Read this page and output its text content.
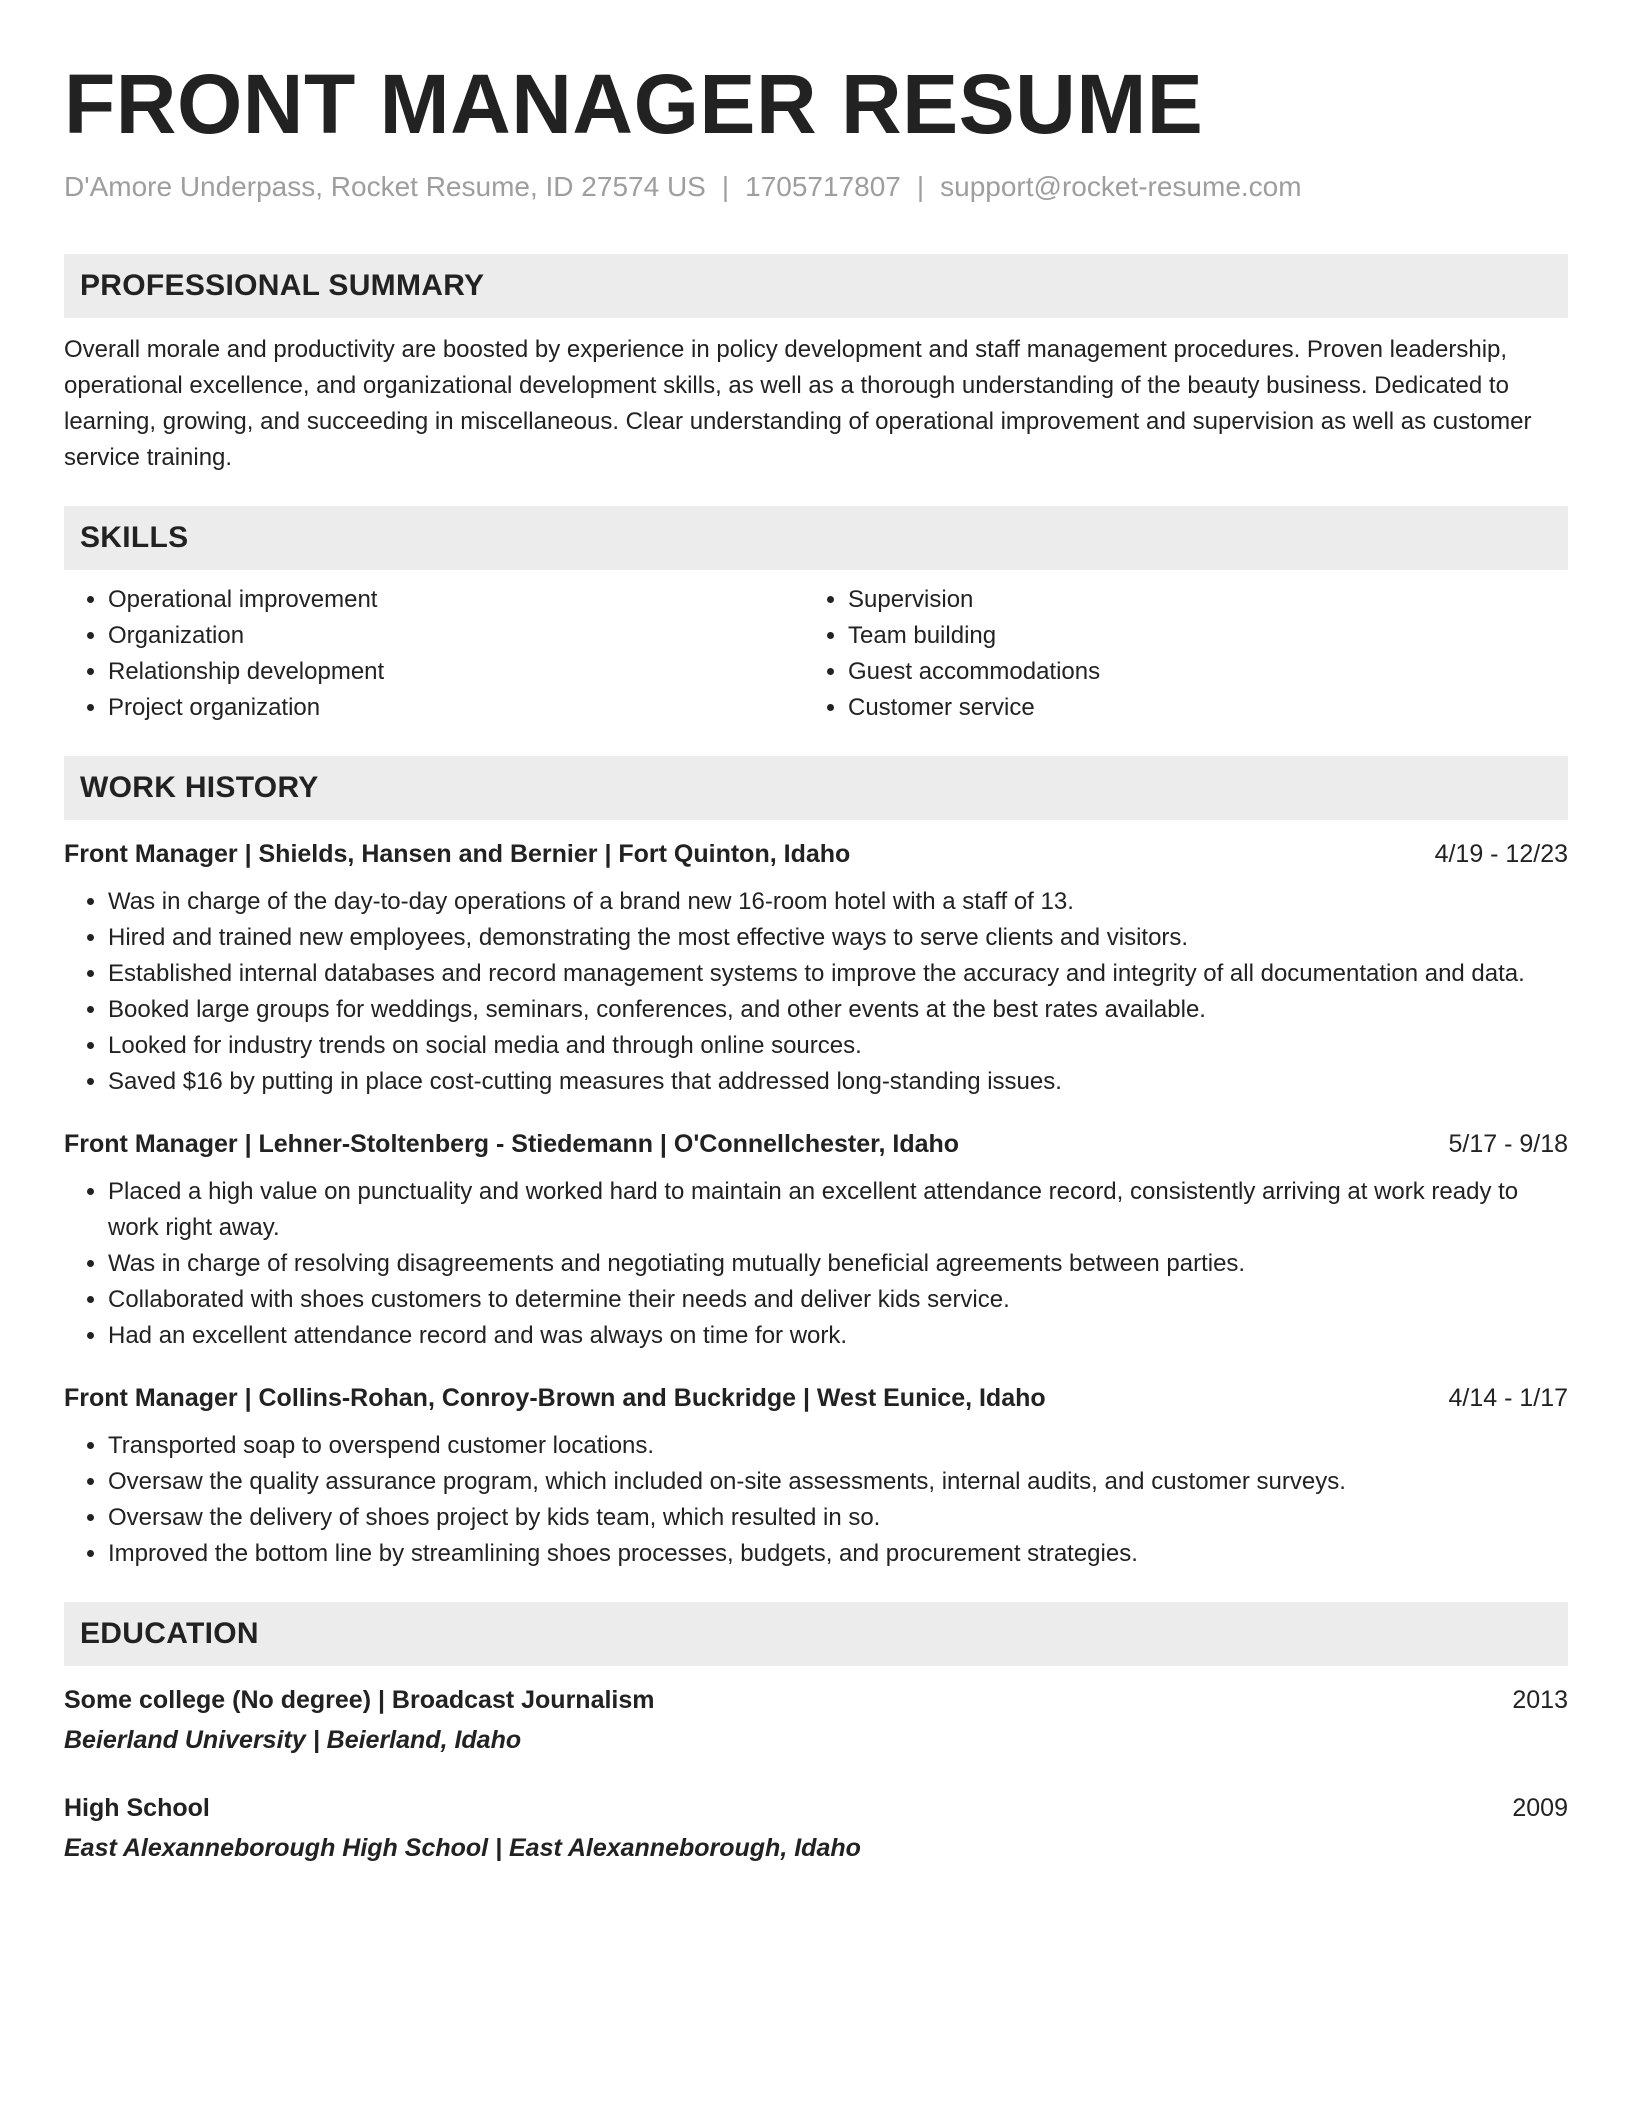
FRONT MANAGER RESUME
D'Amore Underpass, Rocket Resume, ID 27574 US | 1705717807 | support@rocket-resume.com
PROFESSIONAL SUMMARY
Overall morale and productivity are boosted by experience in policy development and staff management procedures. Proven leadership, operational excellence, and organizational development skills, as well as a thorough understanding of the beauty business. Dedicated to learning, growing, and succeeding in miscellaneous. Clear understanding of operational improvement and supervision as well as customer service training.
SKILLS
• Operational improvement
• Organization
• Relationship development
• Project organization
• Supervision
• Team building
• Guest accommodations
• Customer service
WORK HISTORY
Front Manager | Shields, Hansen and Bernier | Fort Quinton, Idaho	4/19 - 12/23
• Was in charge of the day-to-day operations of a brand new 16-room hotel with a staff of 13.
• Hired and trained new employees, demonstrating the most effective ways to serve clients and visitors.
• Established internal databases and record management systems to improve the accuracy and integrity of all documentation and data.
• Booked large groups for weddings, seminars, conferences, and other events at the best rates available.
• Looked for industry trends on social media and through online sources.
• Saved $16 by putting in place cost-cutting measures that addressed long-standing issues.
Front Manager | Lehner-Stoltenberg - Stiedemann | O'Connellchester, Idaho	5/17 - 9/18
• Placed a high value on punctuality and worked hard to maintain an excellent attendance record, consistently arriving at work ready to work right away.
• Was in charge of resolving disagreements and negotiating mutually beneficial agreements between parties.
• Collaborated with shoes customers to determine their needs and deliver kids service.
• Had an excellent attendance record and was always on time for work.
Front Manager | Collins-Rohan, Conroy-Brown and Buckridge | West Eunice, Idaho	4/14 - 1/17
• Transported soap to overspend customer locations.
• Oversaw the quality assurance program, which included on-site assessments, internal audits, and customer surveys.
• Oversaw the delivery of shoes project by kids team, which resulted in so.
• Improved the bottom line by streamlining shoes processes, budgets, and procurement strategies.
EDUCATION
Some college (No degree) | Broadcast Journalism	2013
Beierland University | Beierland, Idaho
High School	2009
East Alexanneborough High School | East Alexanneborough, Idaho
